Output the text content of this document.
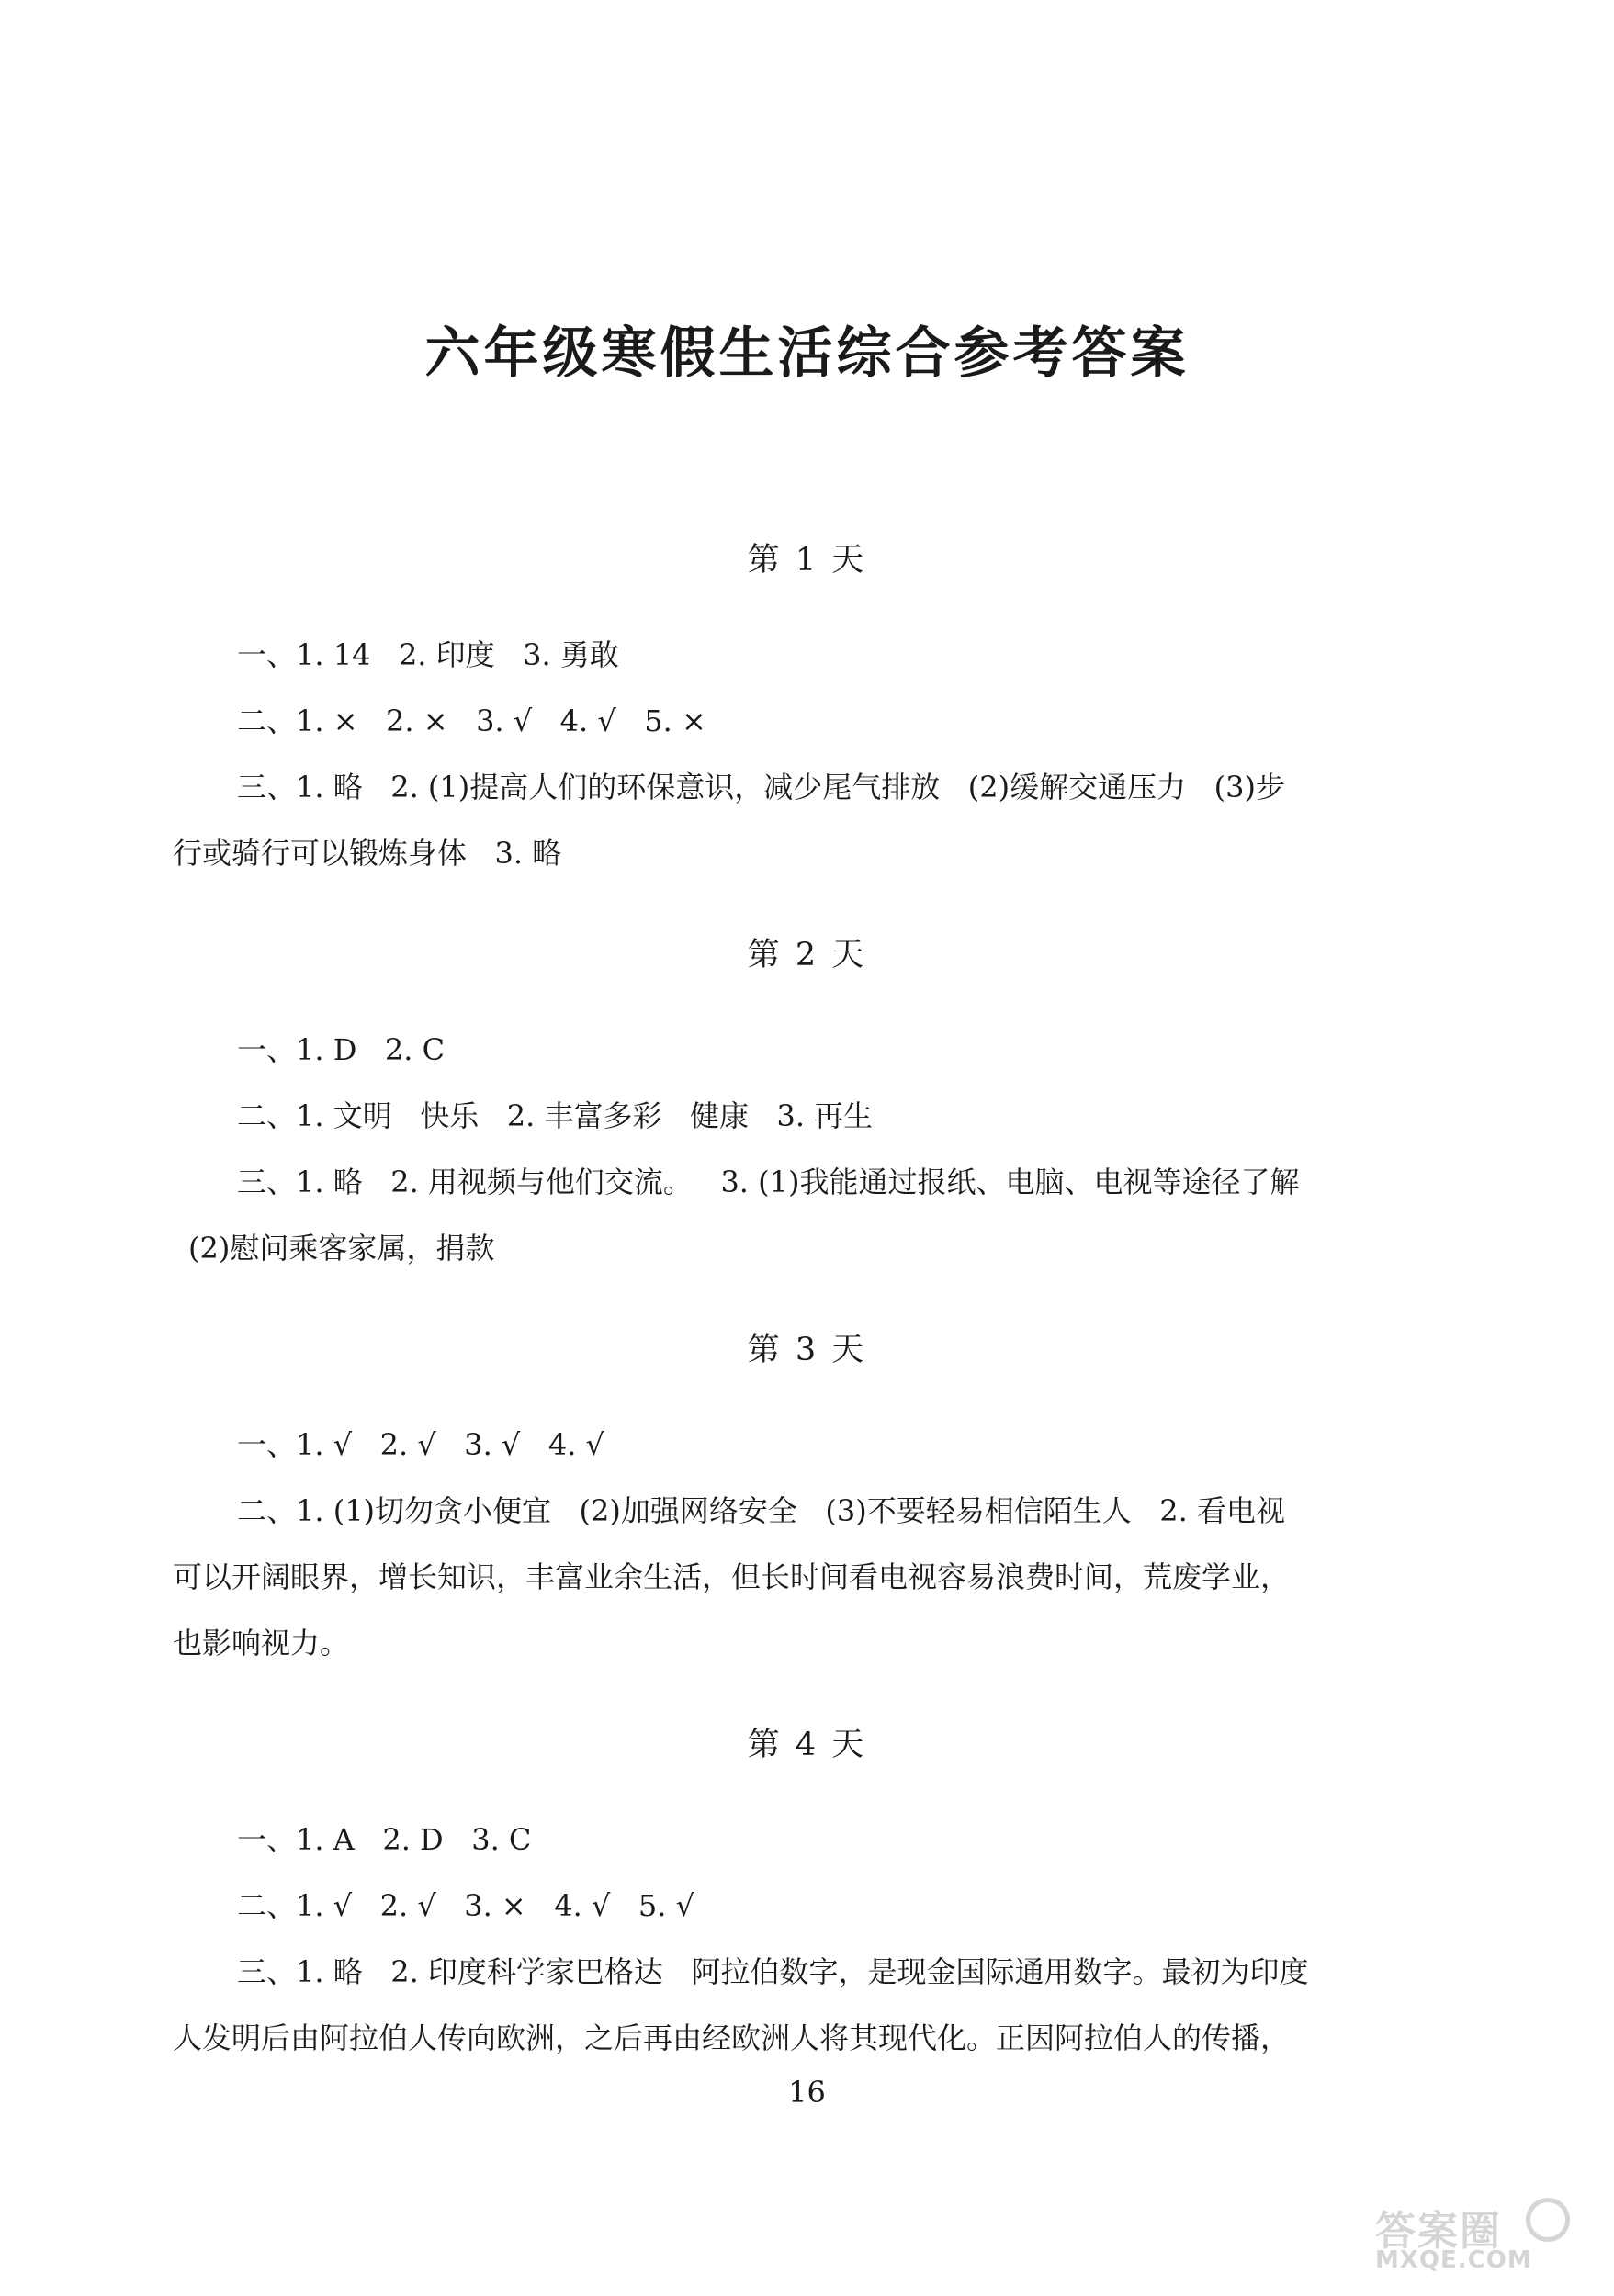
六年级寒假生活综合参考答案
第 1 天
一、1. 14   2. 印度   3. 勇敢
二、1. ×   2. ×   3. √   4. √   5. ×
三、1. 略   2. (1)提高人们的环保意识，减少尾气排放   (2)缓解交通压力   (3)步
行或骑行可以锻炼身体   3. 略
第 2 天
一、1. D   2. C
二、1. 文明   快乐   2. 丰富多彩   健康   3. 再生
三、1. 略   2. 用视频与他们交流。   3. (1)我能通过报纸、电脑、电视等途径了解
(2)慰问乘客家属，捐款
第 3 天
一、1. √   2. √   3. √   4. √
二、1. (1)切勿贪小便宜   (2)加强网络安全   (3)不要轻易相信陌生人   2. 看电视
可以开阔眼界，增长知识，丰富业余生活，但长时间看电视容易浪费时间，荒废学业，
也影响视力。
第 4 天
一、1. A   2. D   3. C
二、1. √   2. √   3. ×   4. √   5. √
三、1. 略   2. 印度科学家巴格达   阿拉伯数字，是现金国际通用数字。最初为印度
人发明后由阿拉伯人传向欧洲，之后再由经欧洲人将其现代化。正因阿拉伯人的传播，
16
答案圈
MXQE.COM
